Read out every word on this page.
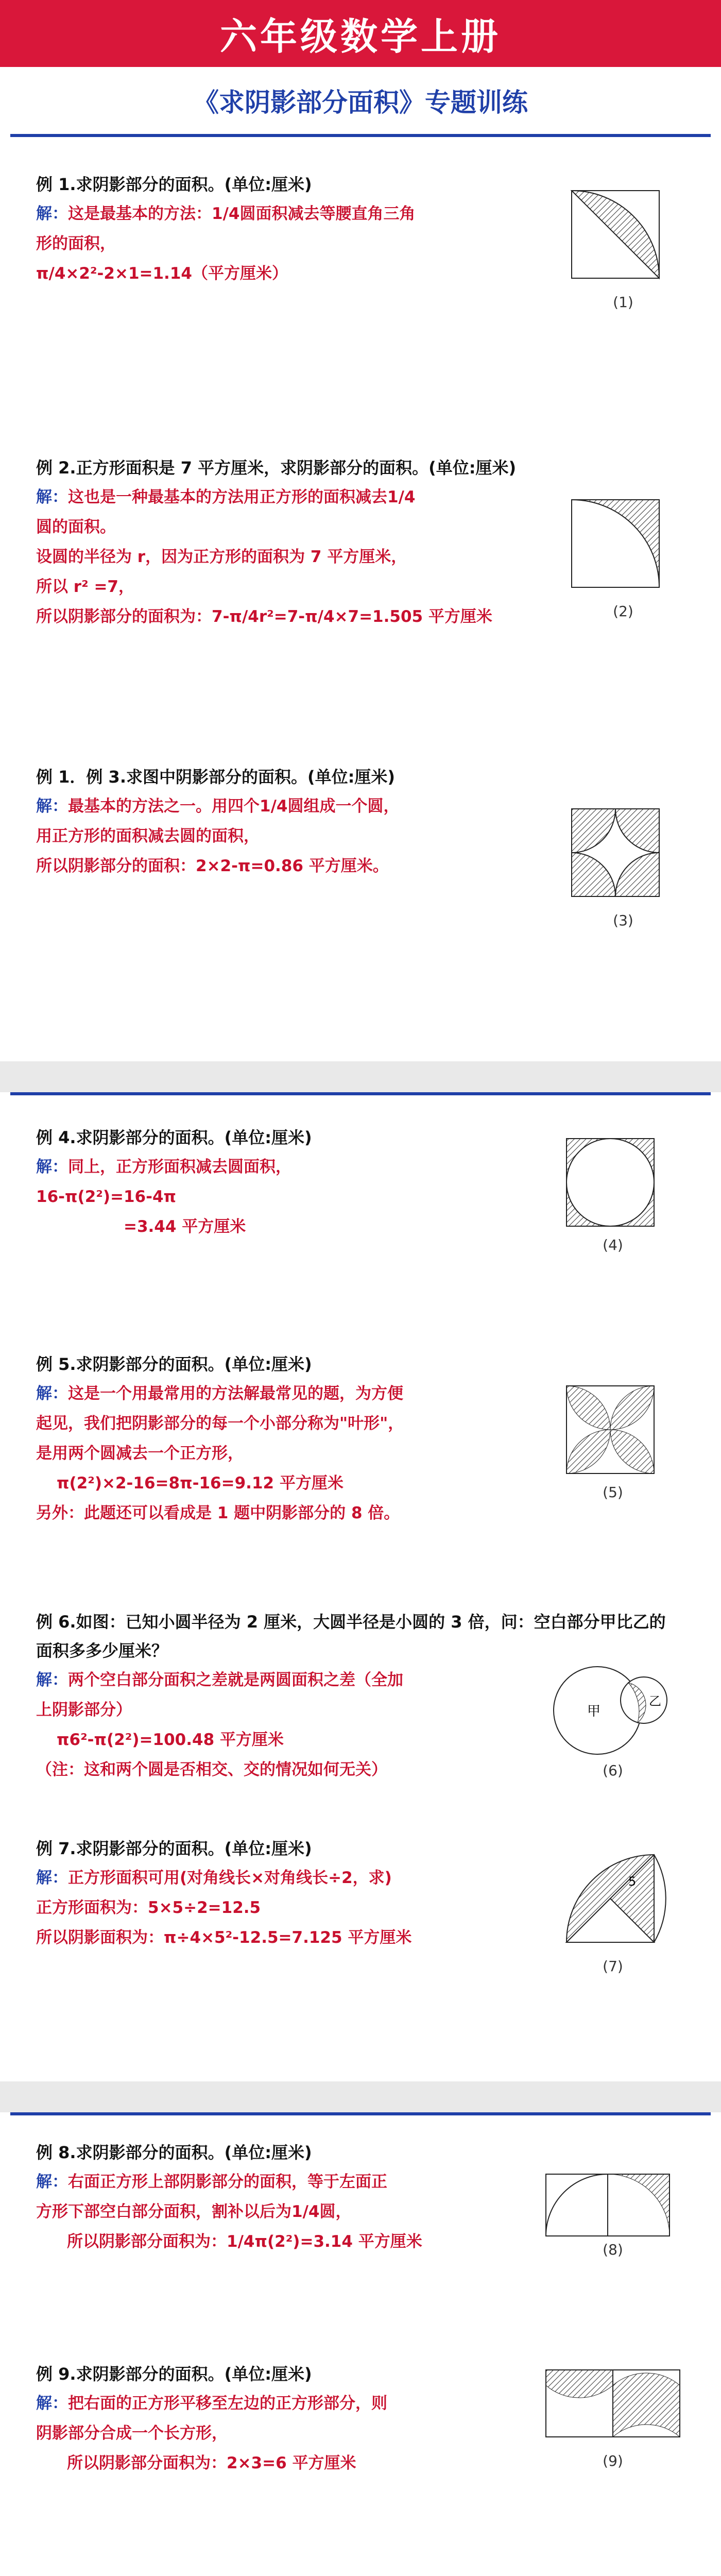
六年级数学上册
《求阴影部分面积》专题训练
例 1.求阴影部分的面积。(单位:厘米)
解：这是最基本的方法：1/4圆面积减去等腰直角三角
形的面积，
π/4×2²-2×1=1.14（平方厘米）
(1)
例 2.正方形面积是 7 平方厘米，求阴影部分的面积。(单位:厘米)
解：这也是一种最基本的方法用正方形的面积减去1/4
圆的面积。
设圆的半径为 r，因为正方形的面积为 7 平方厘米，
所以 r² =7，
所以阴影部分的面积为：7-π/4r²=7-π/4×7=1.505 平方厘米	(2)
例 1．例 3.求图中阴影部分的面积。(单位:厘米)
解：最基本的方法之一。用四个1/4圆组成一个圆，
用正方形的面积减去圆的面积，
所以阴影部分的面积：2×2-π=0.86 平方厘米。
(3)
例 4.求阴影部分的面积。(单位:厘米)
解：同上，正方形面积减去圆面积，
16-π(2²)=16-4π
=3.44 平方厘米
(4)
例 5.求阴影部分的面积。(单位:厘米)
解：这是一个用最常用的方法解最常见的题，为方便
起见，我们把阴影部分的每一个小部分称为"叶形"，
是用两个圆减去一个正方形，
π(2²)×2-16=8π-16=9.12 平方厘米
另外：此题还可以看成是 1 题中阴影部分的 8 倍。
(5)
例 6.如图：已知小圆半径为 2 厘米，大圆半径是小圆的 3 倍，问：空白部分甲比乙的面积多多少厘米？
解：两个空白部分面积之差就是两圆面积之差（全加
上阴影部分）
π6²-π(2²)=100.48 平方厘米
（注：这和两个圆是否相交、交的情况如何无关）
甲
乙
(6)
例 7.求阴影部分的面积。(单位:厘米)
解：正方形面积可用(对角线长×对角线长÷2，求)
正方形面积为：5×5÷2=12.5
所以阴影面积为：π÷4×5²-12.5=7.125 平方厘米
5
(7)
例 8.求阴影部分的面积。(单位:厘米)
解：右面正方形上部阴影部分的面积，等于左面正
方形下部空白部分面积，割补以后为1/4圆，
所以阴影部分面积为：1/4π(2²)=3.14 平方厘米	(8)
例 9.求阴影部分的面积。(单位:厘米)
解：把右面的正方形平移至左边的正方形部分，则
阴影部分合成一个长方形，
所以阴影部分面积为：2×3=6 平方厘米	(9)
